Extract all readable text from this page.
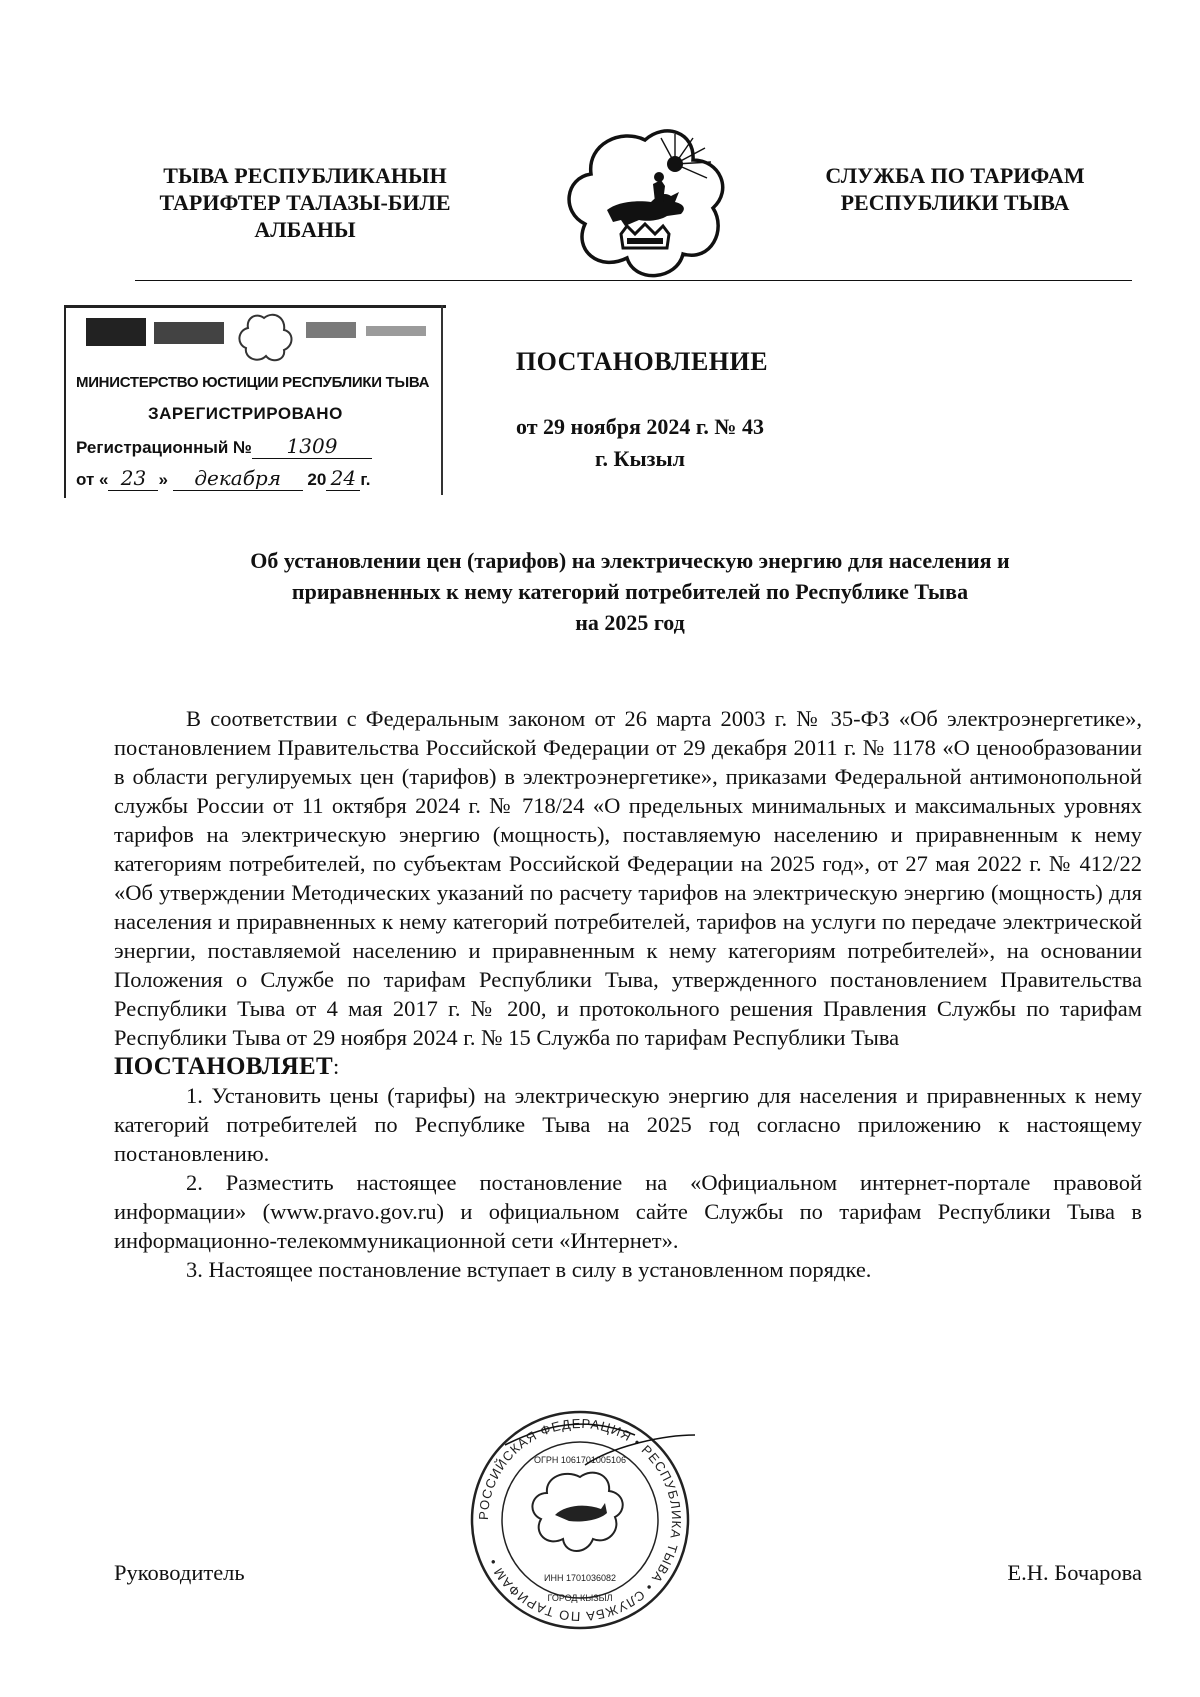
ТЫВА РЕСПУБЛИКАНЫН
ТАРИФТЕР ТАЛАЗЫ-БИЛЕ
АЛБАНЫ
СЛУЖБА ПО ТАРИФАМ
РЕСПУБЛИКИ ТЫВА
МИНИСТЕРСТВО ЮСТИЦИИ РЕСПУБЛИКИ ТЫВА
ЗАРЕГИСТРИРОВАНО
Регистрационный № 1309
от « 23 » декабря 20 24 г.
ПОСТАНОВЛЕНИЕ
от 29 ноября 2024 г. № 43
г. Кызыл
Об установлении цен (тарифов) на электрическую энергию для населения и
приравненных к нему категорий потребителей по Республике Тыва
на 2025 год

В соответствии с Федеральным законом от 26 марта 2003 г. № 35-ФЗ «Об электроэнергетике», постановлением Правительства Российской Федерации от 29 декабря 2011 г. № 1178 «О ценообразовании в области регулируемых цен (тарифов) в электроэнергетике», приказами Федеральной антимонопольной службы России от 11 октября 2024 г. № 718/24 «О предельных минимальных и максимальных уровнях тарифов на электрическую энергию (мощность), поставляемую населению и приравненным к нему категориям потребителей, по субъектам Российской Федерации на 2025 год», от 27 мая 2022 г. № 412/22 «Об утверждении Методических указаний по расчету тарифов на электрическую энергию (мощность) для населения и приравненных к нему категорий потребителей, тарифов на услуги по передаче электрической энергии, поставляемой населению и приравненным к нему категориям потребителей», на основании Положения о Службе по тарифам Республики Тыва, утвержденного постановлением Правительства Республики Тыва от 4 мая 2017 г. № 200, и протокольного решения Правления Службы по тарифам Республики Тыва от 29 ноября 2024 г. № 15 Служба по тарифам Республики Тыва

ПОСТАНОВЛЯЕТ:

1. Установить цены (тарифы) на электрическую энергию для населения и приравненных к нему категорий потребителей по Республике Тыва на 2025 год согласно приложению к настоящему постановлению.

2. Разместить настоящее постановление на «Официальном интернет-портале правовой информации» (www.pravo.gov.ru) и официальном сайте Службы по тарифам Республики Тыва в информационно-телекоммуникационной сети «Интернет».

3. Настоящее постановление вступает в силу в установленном порядке.

РОССИЙСКАЯ ФЕДЕРАЦИЯ • РЕСПУБЛИКА ТЫВА • СЛУЖБА ПО ТАРИФАМ •
ОГРН 1061701005106
ИНН 1701036082
ГОРОД КЫЗЫЛ
Руководитель	Е.Н. Бочарова
